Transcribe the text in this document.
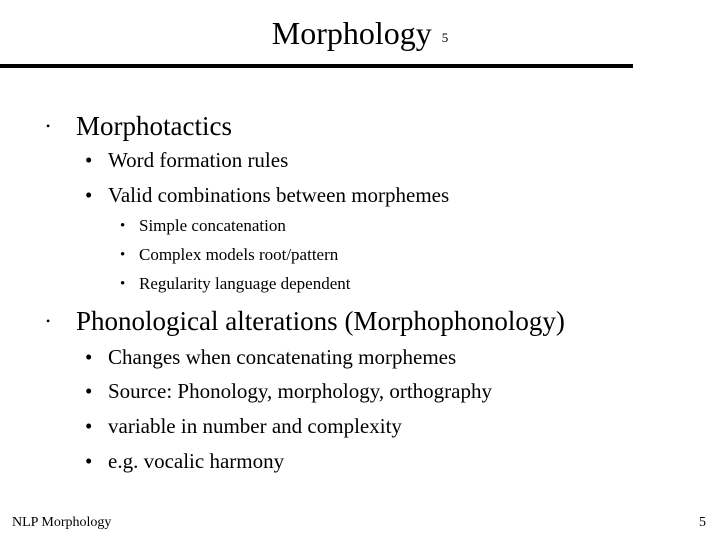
Morphology 5
• Morphotactics
• Word formation rules
• Valid combinations between morphemes
• Simple concatenation
• Complex models root/pattern
• Regularity language dependent
• Phonological alterations (Morphophonology)
• Changes when concatenating morphemes
• Source: Phonology, morphology, orthography
• variable in number and complexity
• e.g. vocalic harmony
NLP Morphology	5
